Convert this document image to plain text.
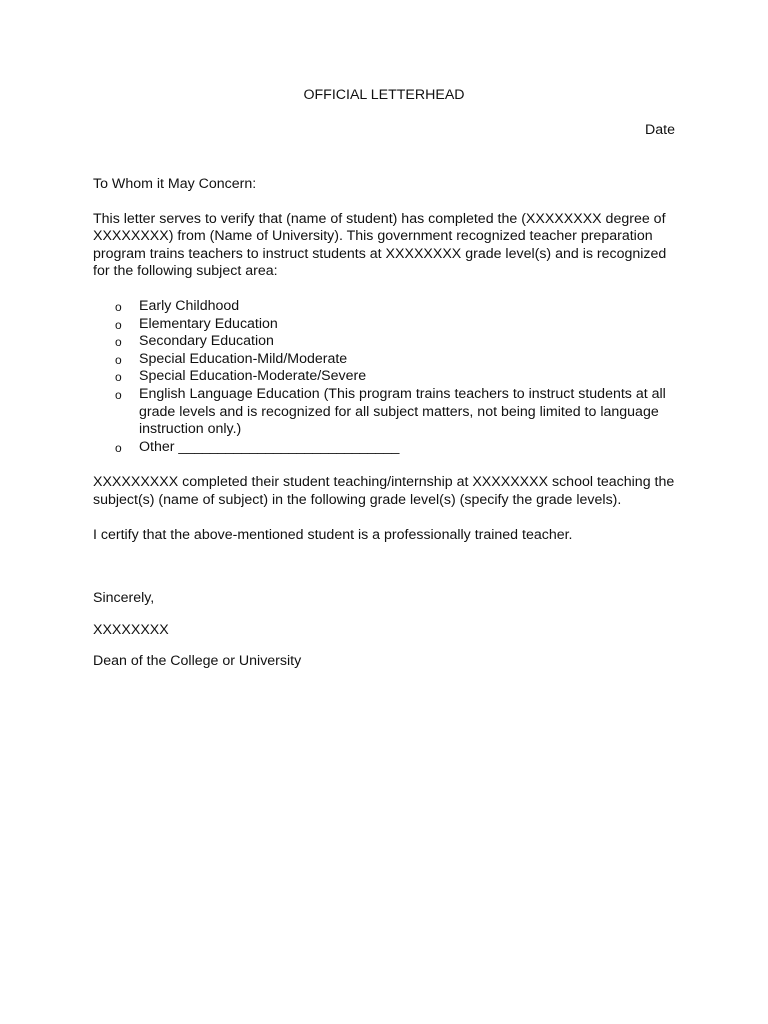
OFFICIAL LETTERHEAD
Date

To Whom it May Concern:

This letter serves to verify that (name of student) has completed the (XXXXXXXX degree of XXXXXXXX) from (Name of University). This government recognized teacher preparation program trains teachers to instruct students at XXXXXXXX grade level(s) and is recognized for the following subject area:

o Early Childhood
o Elementary Education
o Secondary Education
o Special Education-Mild/Moderate
o Special Education-Moderate/Severe
o English Language Education (This program trains teachers to instruct students at all grade levels and is recognized for all subject matters, not being limited to language instruction only.)
o Other ____________________________

XXXXXXXXX completed their student teaching/internship at XXXXXXXX school teaching the subject(s) (name of subject) in the following grade level(s) (specify the grade levels).

I certify that the above-mentioned student is a professionally trained teacher.

Sincerely,

XXXXXXXX

Dean of the College or University
